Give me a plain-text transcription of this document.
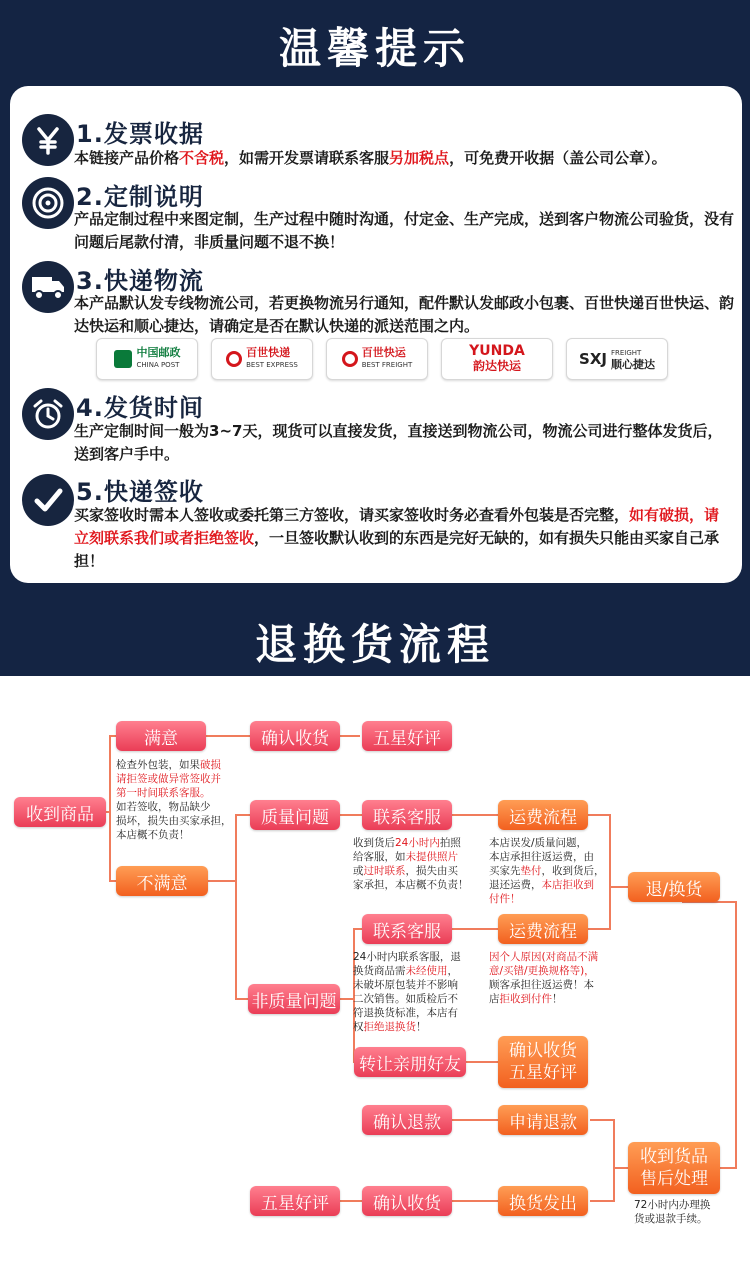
温馨提示
1.发票收据
本链接产品价格不含税，如需开发票请联系客服另加税点，可免费开收据（盖公司公章）。
2.定制说明
产品定制过程中来图定制，生产过程中随时沟通，付定金、生产完成，送到客户物流公司验货，没有问题后尾款付清，非质量问题不退不换！
3.快递物流
本产品默认发专线物流公司，若更换物流另行通知，配件默认发邮政小包裹、百世快递百世快运、韵达快运和顺心捷达，请确定是否在默认快递的派送范围之内。
中国邮政
CHINA POST
百世快递
BEST EXPRESS
百世快运
BEST FREIGHT
YUNDA
韵达快运	SXJ FREIGHT
顺心捷达
4.发货时间
生产定制时间一般为3~7天，现货可以直接发货，直接送到物流公司，物流公司进行整体发货后，送到客户手中。
5.快递签收
买家签收时需本人签收或委托第三方签收，请买家签收时务必查看外包装是否完整，如有破损，请立刻联系我们或者拒绝签收，一旦签收默认收到的东西是完好无缺的，如有损失只能由买家自己承担！
退换货流程
收到商品
满意	确认收货	五星好评
检查外包装，如果破损
请拒签或做异常签收并
第一时间联系客服。
如若签收，物品缺少
损坏，损失由买家承担，
本店概不负责！
不满意
质量问题	联系客服
收到货后24小时内拍照
给客服，如未提供照片
或过时联系，损失由买
家承担，本店概不负责！
运费流程
本店误发/质量问题，
本店承担往返运费，由
买家先垫付，收到货后，
退还运费，本店拒收到
付件！	退/换货
联系客服
24小时内联系客服，退
换货商品需未经使用，
未破坏原包装并不影响
二次销售。如质检后不
符退换货标准，本店有
权拒绝退换货！
运费流程
因个人原因(对商品不满
意/买错/更换规格等)，
顾客承担往返运费！本
店拒收到付件！
非质量问题
转让亲朋好友
确认收货
五星好评
确认退款	申请退款
收到货品
售后处理
72小时内办理换
货或退款手续。
五星好评	确认收货	换货发出
